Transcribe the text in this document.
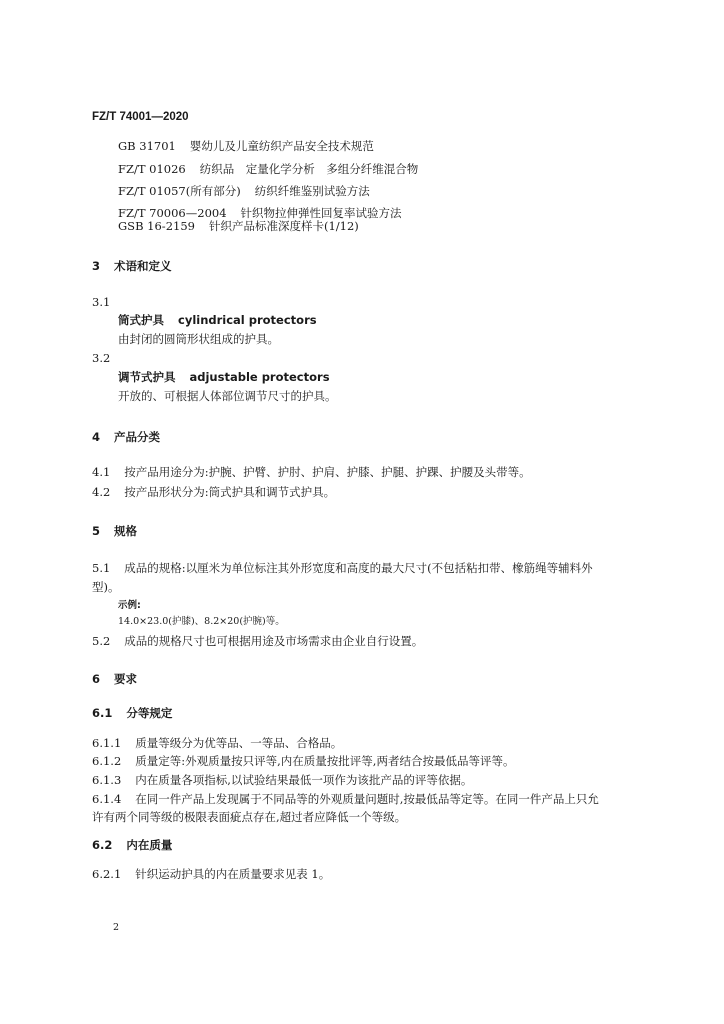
FZ/T 74001—2020
GB 31701 婴幼儿及儿童纺织产品安全技术规范
FZ/T 01026 纺织品　定量化学分析　多组分纤维混合物
FZ/T 01057(所有部分) 纺织纤维鉴别试验方法
FZ/T 70006—2004 针织物拉伸弹性回复率试验方法
GSB 16-2159 针织产品标准深度样卡(1/12)
3 术语和定义
3.1
筒式护具 cylindrical protectors
由封闭的圆筒形状组成的护具。
3.2
调节式护具 adjustable protectors
开放的、可根据人体部位调节尺寸的护具。
4 产品分类
4.1 按产品用途分为:护腕、护臂、护肘、护肩、护膝、护腿、护踝、护腰及头带等。
4.2 按产品形状分为:筒式护具和调节式护具。
5 规格
5.1 成品的规格:以厘米为单位标注其外形宽度和高度的最大尺寸(不包括粘扣带、橡筋绳等辅料外
型)。
示例:
14.0×23.0(护膝)、8.2×20(护腕)等。
5.2 成品的规格尺寸也可根据用途及市场需求由企业自行设置。
6 要求
6.1 分等规定
6.1.1 质量等级分为优等品、一等品、合格品。
6.1.2 质量定等:外观质量按只评等,内在质量按批评等,两者结合按最低品等评等。
6.1.3 内在质量各项指标,以试验结果最低一项作为该批产品的评等依据。
6.1.4 在同一件产品上发现属于不同品等的外观质量问题时,按最低品等定等。在同一件产品上只允
许有两个同等级的极限表面疵点存在,超过者应降低一个等级。
6.2 内在质量
6.2.1 针织运动护具的内在质量要求见表 1。
2
